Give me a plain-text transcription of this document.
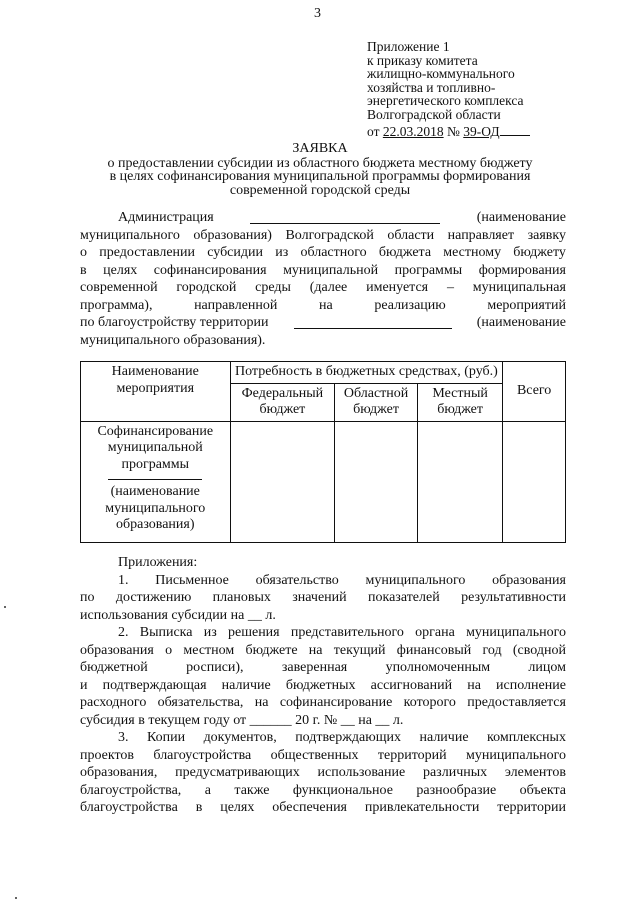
3
Приложение 1
к приказу комитета
жилищно-коммунального
хозяйства и топливно-
энергетического комплекса
Волгоградской области
от 22.03.2018 № 39-ОД
ЗАЯВКА
о предоставлении субсидии из областного бюджета местному бюджету
в целях софинансирования муниципальной программы формирования
современной городской среды
Администрация	(наименование
муниципального образования) Волгоградской области направляет заявку
о предоставлении субсидии из областного бюджета местному бюджету
в целях софинансирования муниципальной программы формирования
современной городской среды (далее именуется – муниципальная
программа),	направленной	на	реализацию	мероприятий
по благоустройству территории	(наименование
муниципального образования).
Наименование мероприятия	Потребность в бюджетных средствах, (руб.)			Всего
	Федеральный бюджет	Областной бюджет	Местный бюджет	

Софинансирование муниципальной программы
(наименование муниципального образования)				

Приложения:
1. Письменное обязательство муниципального образования
по достижению плановых значений показателей результативности
использования субсидии на __ л.
2. Выписка из решения представительного органа муниципального
образования о местном бюджете на текущий финансовый год (сводной
бюджетной	росписи),	заверенная	уполномоченным	лицом
и подтверждающая наличие бюджетных ассигнований на исполнение
расходного обязательства, на софинансирование которого предоставляется
субсидия в текущем году от ______ 20 г. № __ на __ л.
3. Копии документов, подтверждающих наличие комплексных
проектов благоустройства общественных территорий муниципального
образования, предусматривающих использование различных элементов
благоустройства, а также функциональное разнообразие объекта
благоустройства в целях обеспечения привлекательности территории
